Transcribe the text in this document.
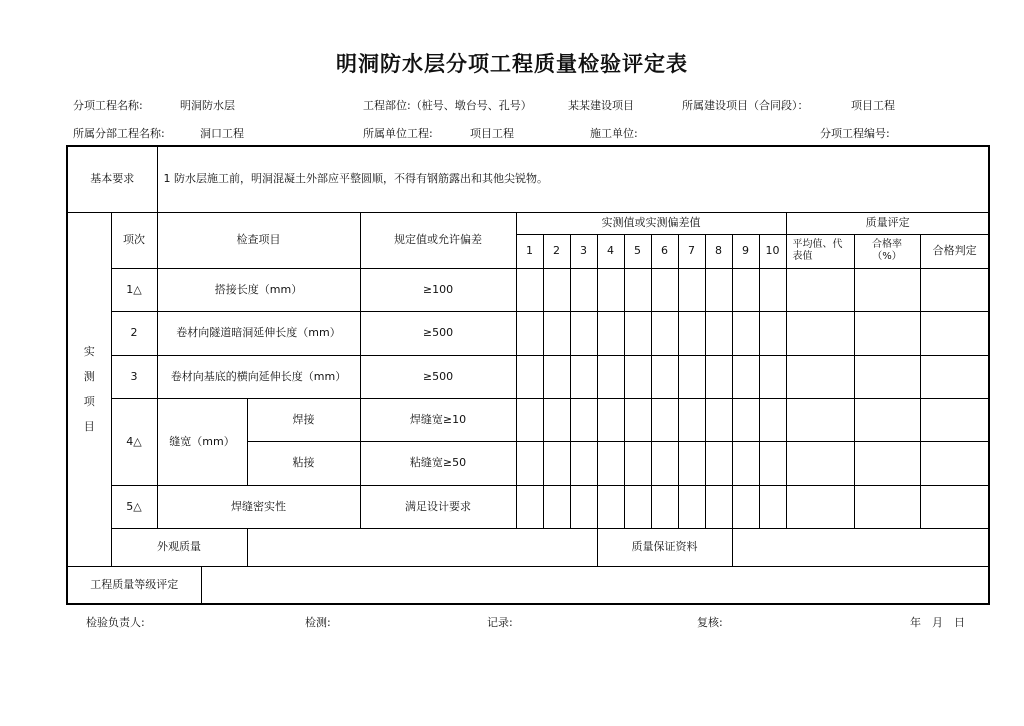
明洞防水层分项工程质量检验评定表
分项工程名称:	明洞防水层	工程部位:（桩号、墩台号、孔号）	某某建设项目	所属建设项目（合同段）：	项目工程
所属分部工程名称:	洞口工程	所属单位工程:	项目工程	施工单位:	分项工程编号:
基本要求		1 防水层施工前，明洞混凝土外部应平整圆顺，不得有钢筋露出和其他尖锐物。																

实
测
项
目	项次	检查项目			规定值或允许偏差	实测值或实测偏差值										质量评定		
						1	2	3	4	5	6	7	8	9	10	平均值、代表值	合格率（%）	合格判定
	1△	搭接长度（mm）			≥100													
	2	卷材向隧道暗洞延伸长度（mm）			≥500													
	3	卷材向基底的横向延伸长度（mm）			≥500													
	4△	缝宽（mm）		焊接	焊缝宽≥10													
				粘接	粘缝宽≥50													
	5△	焊缝密实性			满足设计要求													
	外观质量								质量保证资料									
工程质量等级评定																		
检验负责人:	检测:	记录:	复核:	年　月　日
